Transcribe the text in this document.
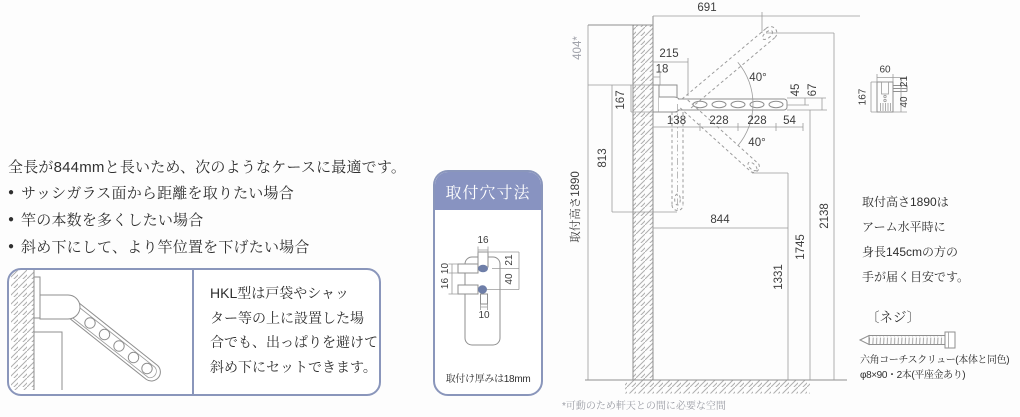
全長が844mmと長いため、次のようなケースに最適です。
● サッシガラス面から距離を取りたい場合
● 竿の本数を多くしたい場合
● 斜め下にして、より竿位置を下げたい場合
HKL型は戸袋やシャッ
ター等の上に設置した場
合でも、出っぱりを避けて
斜め下にセットできます。
取付穴寸法
16
21
10
16	40
10
取付け厚みは18mm
60
21
167	40
691
404*
取付高さ1890
813
167
215
18
40°
40°
45 67
138 228 228 54
844
1331
1745
2138
取付高さ1890は
アーム水平時に
身長145cmの方の
手が届く目安です。
〔ネジ〕
六角コーチスクリュー(本体と同色)
φ8×90・2本(平座金あり)
*可動のため軒天との間に必要な空間
